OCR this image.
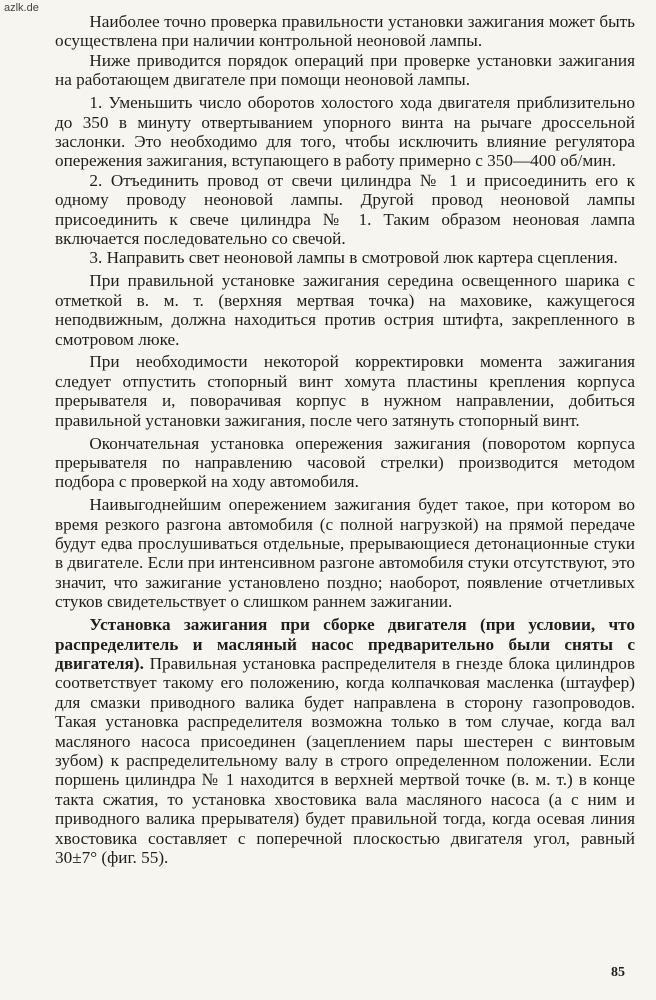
azlk.de

Наиболее точно проверка правильности установки зажигания может быть осуществлена при наличии контрольной неоновой лампы.

Ниже приводится порядок операций при проверке установки зажигания на работающем двигателе при помощи неоновой лампы.

1. Уменьшить число оборотов холостого хода двигателя приблизительно до 350 в минуту отвертыванием упорного винта на рычаге дроссельной заслонки. Это необходимо для того, чтобы исключить влияние регулятора опережения зажигания, вступающего в работу примерно с 350—400 об/мин.

2. Отъединить провод от свечи цилиндра № 1 и присоединить его к одному проводу неоновой лампы. Другой провод неоновой лампы присоединить к свече цилиндра № 1. Таким образом неоновая лампа включается последовательно со свечой.

3. Направить свет неоновой лампы в смотровой люк картера сцепления.

При правильной установке зажигания середина освещенного шарика с отметкой в. м. т. (верхняя мертвая точка) на маховике, кажущегося неподвижным, должна находиться против острия штифта, закрепленного в смотровом люке.

При необходимости некоторой корректировки момента зажигания следует отпустить стопорный винт хомута пластины крепления корпуса прерывателя и, поворачивая корпус в нужном направлении, добиться правильной установки зажигания, после чего затянуть стопорный винт.

Окончательная установка опережения зажигания (поворотом корпуса прерывателя по направлению часовой стрелки) производится методом подбора с проверкой на ходу автомобиля.

Наивыгоднейшим опережением зажигания будет такое, при котором во время резкого разгона автомобиля (с полной нагрузкой) на прямой передаче будут едва прослушиваться отдельные, прерывающиеся детонационные стуки в двигателе. Если при интенсивном разгоне автомобиля стуки отсутствуют, это значит, что зажигание установлено поздно; наоборот, появление отчетливых стуков свидетельствует о слишком раннем зажигании.

Установка зажигания при сборке двигателя (при условии, что распределитель и масляный насос предварительно были сняты с двигателя). Правильная установка распределителя в гнезде блока цилиндров соответствует такому его положению, когда колпачковая масленка (штауфер) для смазки приводного валика будет направлена в сторону газопроводов. Такая установка распределителя возможна только в том случае, когда вал масляного насоса присоединен (зацеплением пары шестерен с винтовым зубом) к распределительному валу в строго определенном положении. Если поршень цилиндра № 1 находится в верхней мертвой точке (в. м. т.) в конце такта сжатия, то установка хвостовика вала масляного насоса (а с ним и приводного валика прерывателя) будет правильной тогда, когда осевая линия хвостовика составляет с поперечной плоскостью двигателя угол, равный 30±7° (фиг. 55).

85
